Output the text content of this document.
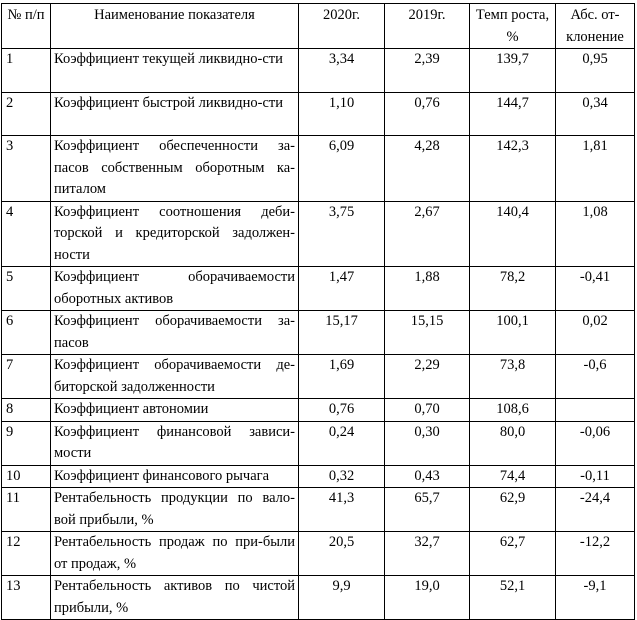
№ п/п	Наименование показателя	2020г.	2019г.	Темп роста, %	Абс. от-клонение
1	Коэффициент текущей ликвидно-сти	3,34	2,39	139,7	0,95
2	Коэффициент быстрой ликвидно-сти	1,10	0,76	144,7	0,34
3	Коэффициент обеспеченности за-пасов собственным оборотным ка-питалом	6,09	4,28	142,3	1,81
4	Коэффициент соотношения деби-торской и кредиторской задолжен-ности	3,75	2,67	140,4	1,08
5	Коэффициент оборачиваемости оборотных активов	1,47	1,88	78,2	-0,41
6	Коэффициент оборачиваемости за-пасов	15,17	15,15	100,1	0,02
7	Коэффициент оборачиваемости де-биторской задолженности	1,69	2,29	73,8	-0,6
8	Коэффициент автономии	0,76	0,70	108,6	
9	Коэффициент финансовой зависи-мости	0,24	0,30	80,0	-0,06
10	Коэффициент финансового рычага	0,32	0,43	74,4	-0,11
11	Рентабельность продукции по вало-вой прибыли, %	41,3	65,7	62,9	-24,4
12	Рентабельность продаж по при-были от продаж, %	20,5	32,7	62,7	-12,2
13	Рентабельность активов по чистой прибыли, %	9,9	19,0	52,1	-9,1
